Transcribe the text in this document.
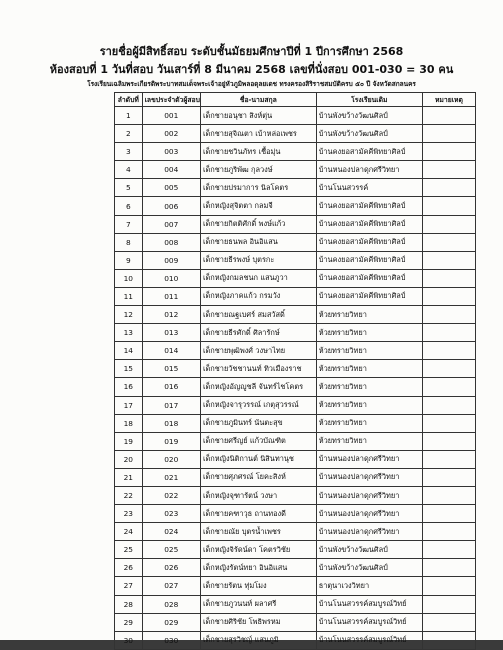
รายชื่อผู้มีสิทธิ์สอบ ระดับชั้นมัธยมศึกษาปีที่ 1 ปีการศึกษา 2568
ห้องสอบที่ 1 วันที่สอบ วันเสาร์ที่ 8 มีนาคม 2568 เลขที่นั่งสอบ 001-030 = 30 คน
โรงเรียนเฉลิมพระเกียรติพระบาทสมเด็จพระเจ้าอยู่หัวภูมิพลอดุลยเดช ทรงครองสิริราชสมบัติครบ ๕๐ ปี จังหวัดสกลนคร
ลำดับที่	เลขประจำตัวผู้สอบ	ชื่อ-นามสกุล	โรงเรียนเดิม	หมายเหตุ
1	001	เด็กชายอนุชา สิงห์ตุ่น	บ้านพังขว้างวัฒนศิลป์	
2	002	เด็กชายสุจิณตา เบ้าหล่อเพชร	บ้านพังขว้างวัฒนศิลป์	
3	003	เด็กชายชวินภัทร เชื้อมุ่น	บ้านคงยอสามัคคีพิทยาศิลป์	
4	004	เด็กชายภูริพัฒ กุลวงษ์	บ้านหนองปลาดุกศรีวิทยา	
5	005	เด็กชายปรมาการ นิลโคตร	บ้านโนนสวรรค์	
6	006	เด็กหญิงสุจิตตา กลมจี	บ้านคงยอสามัคคีพิทยาศิลป์	
7	007	เด็กชายกิตติศักดิ์ พงษ์แก้ว	บ้านคงยอสามัคคีพิทยาศิลป์	
8	008	เด็กชายธนพล อินอิแสน	บ้านคงยอสามัคคีพิทยาศิลป์	
9	009	เด็กชายธีรพงษ์ บุตรกะ	บ้านคงยอสามัคคีพิทยาศิลป์	
10	010	เด็กหญิงกมลชนก แสนภูวา	บ้านคงยอสามัคคีพิทยาศิลป์	
11	011	เด็กหญิงภาคแก้ว กรมวัง	บ้านคงยอสามัคคีพิทยาศิลป์	
12	012	เด็กชายณฐเบศร์ สมสวัสดิ์	ห้วยทรายวิทยา	
13	013	เด็กชายธีรศักดิ์ ศิลารักษ์	ห้วยทรายวิทยา	
14	014	เด็กชายพุฒิพงศ์ วงษาไทย	ห้วยทรายวิทยา	
15	015	เด็กชายวัชชานนท์ ทิวเมืองราช	ห้วยทรายวิทยา	
16	016	เด็กหญิงอัญญูชลี จันทร์ไชโคตร	ห้วยทรายวิทยา	
17	017	เด็กหญิงจารุวรรณ์ เกตุสุวรรณ์	ห้วยทรายวิทยา	
18	018	เด็กชายภูมินทร์ นันตะสุข	ห้วยทรายวิทยา	
19	019	เด็กชายศรีญย์ แก้วบัณฑิต	ห้วยทรายวิทยา	
20	020	เด็กหญิงนิติกานต์ นิสินทานุช	บ้านหนองปลาดุกศรีวิทยา	
21	021	เด็กชายศุภศรณ์ โยคะสิงห์	บ้านหนองปลาดุกศรีวิทยา	
22	022	เด็กหญิงจุฑารัตน์ วงษา	บ้านหนองปลาดุกศรีวิทยา	
23	023	เด็กชายคฑาวุธ ถานทองดี	บ้านหนองปลาดุกศรีวิทยา	
24	024	เด็กชายณัย บุตรน้ำเพชร	บ้านหนองปลาดุกศรีวิทยา	
25	025	เด็กหญิงจิรัดน์ดา โคตรวิชัย	บ้านพังขว้างวัฒนศิลป์	
26	026	เด็กหญิงรัตน์ทยา อินอิแสน	บ้านพังขว้างวัฒนศิลป์	
27	027	เด็กชายรัตน ทุ่มโมง	ธาตุนาเวงวิทยา	
28	028	เด็กชายภูวนนท์ ผลาศรี	บ้านโนนสวรรค์สมบูรณ์วิทย์	
29	029	เด็กชายศิริชัย โพธิพรหม	บ้านโนนสวรรค์สมบูรณ์วิทย์	
30	030	เด็กชายสุรวิชญ์ แสนภูมิ	บ้านโนนสวรรค์สมบูรณ์วิทย์	
